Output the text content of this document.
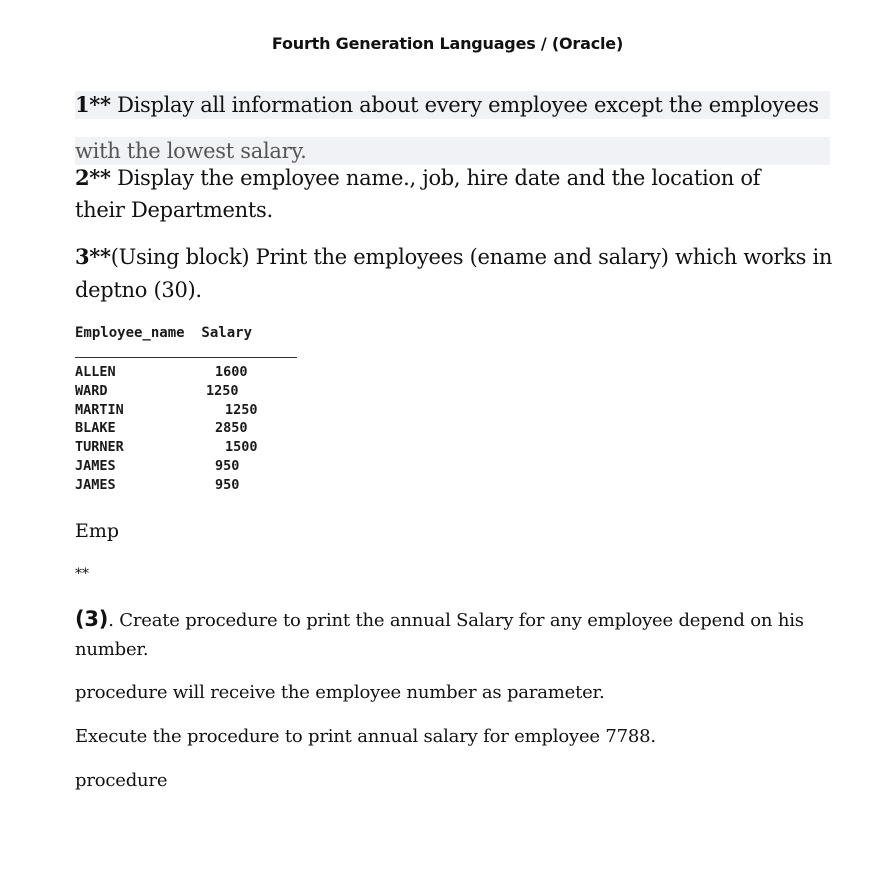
Fourth Generation Languages / (Oracle)
1** Display all information about every employee except the employees
with the lowest salary.
2** Display the employee name., job, hire date and the location of
their Departments.
3**(Using block) Print the employees (ename and salary) which works in
deptno (30).
Employee_name  Salary
ALLEN	1600
WARD	1250
MARTIN	1250
BLAKE	2850
TURNER	1500
JAMES	950
JAMES	950
Emp
**
(3). Create procedure to print the annual Salary for any employee depend on his
number.
procedure will receive the employee number as parameter.
Execute the procedure to print annual salary for employee 7788.
procedure
